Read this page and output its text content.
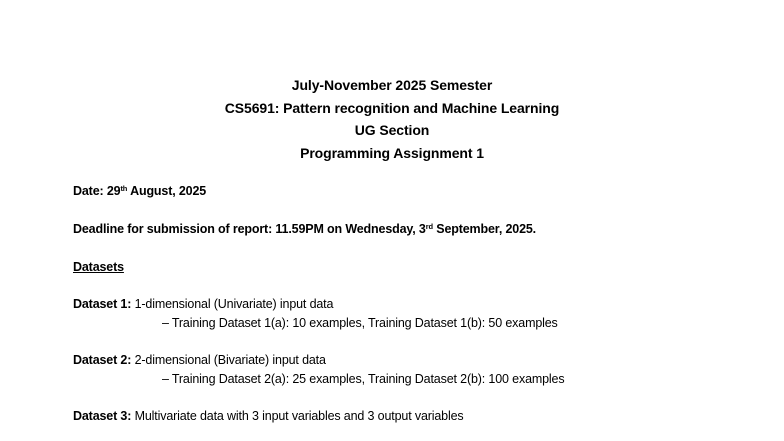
July-November 2025 Semester
CS5691: Pattern recognition and Machine Learning
UG Section
Programming Assignment 1
Date: 29th August, 2025
Deadline for submission of report: 11.59PM on Wednesday, 3rd September, 2025.
Datasets
Dataset 1: 1-dimensional (Univariate) input data
– Training Dataset 1(a): 10 examples, Training Dataset 1(b): 50 examples
Dataset 2: 2-dimensional (Bivariate) input data
– Training Dataset 2(a): 25 examples, Training Dataset 2(b): 100 examples
Dataset 3: Multivariate data with 3 input variables and 3 output variables
